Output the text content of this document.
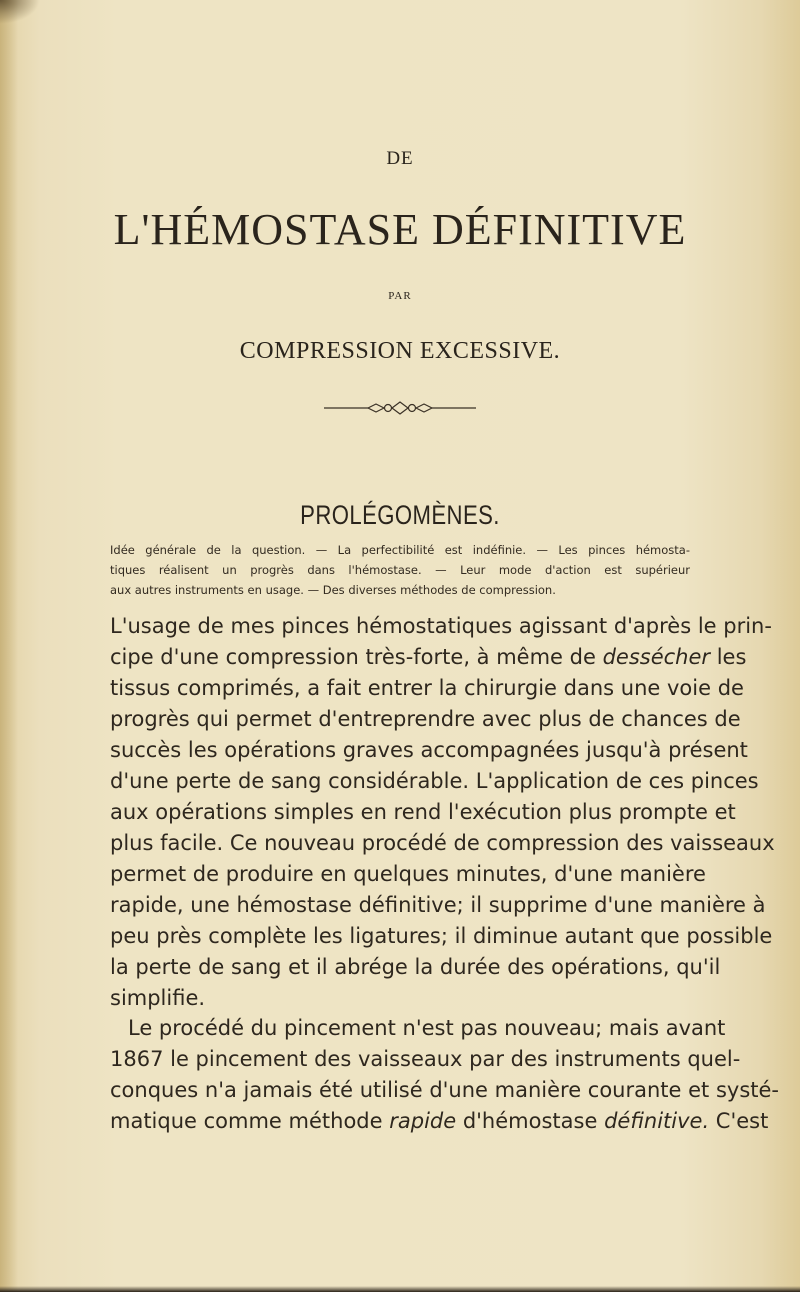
DE
L'HÉMOSTASE DÉFINITIVE
PAR
COMPRESSION EXCESSIVE.
PROLÉGOMÈNES.
Idée générale de la question. — La perfectibilité est indéfinie. — Les pinces hémosta-
tiques réalisent un progrès dans l'hémostase. — Leur mode d'action est supérieur
aux autres instruments en usage. — Des diverses méthodes de compression.
L'usage de mes pinces hémostatiques agissant d'après le prin-
cipe d'une compression très-forte, à même de dessécher les
tissus comprimés, a fait entrer la chirurgie dans une voie de
progrès qui permet d'entreprendre avec plus de chances de
succès les opérations graves accompagnées jusqu'à présent
d'une perte de sang considérable. L'application de ces pinces
aux opérations simples en rend l'exécution plus prompte et
plus facile. Ce nouveau procédé de compression des vaisseaux
permet de produire en quelques minutes, d'une manière
rapide, une hémostase définitive; il supprime d'une manière à
peu près complète les ligatures; il diminue autant que possible
la perte de sang et il abrége la durée des opérations, qu'il
simplifie.
Le procédé du pincement n'est pas nouveau; mais avant
1867 le pincement des vaisseaux par des instruments quel-
conques n'a jamais été utilisé d'une manière courante et systé-
matique comme méthode rapide d'hémostase définitive. C'est
